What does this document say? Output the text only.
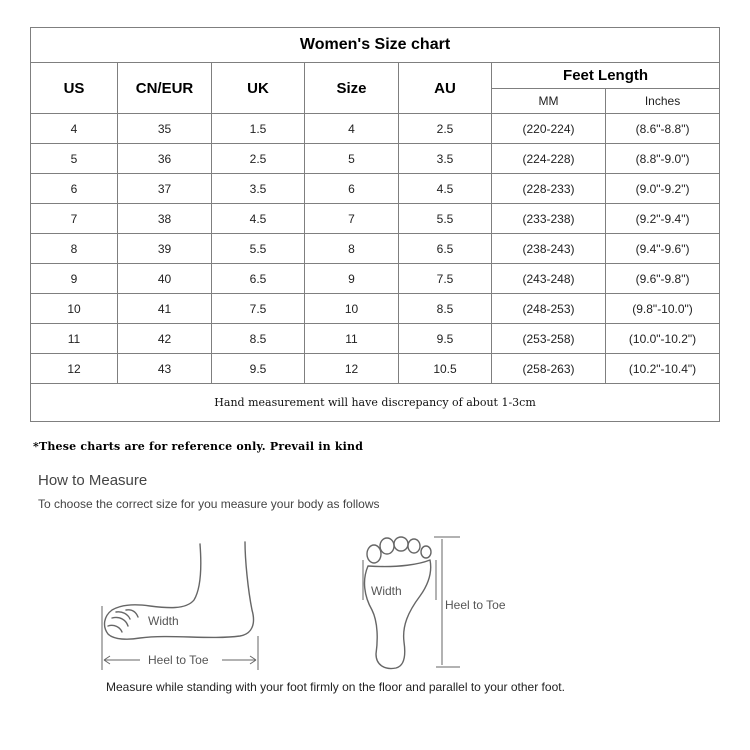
Women's Size chart						
US	CN/EUR	UK	Size	AU	Feet Length	
					MM	Inches
4	35	1.5	4	2.5	(220-224)	(8.6"-8.8")
5	36	2.5	5	3.5	(224-228)	(8.8"-9.0")
6	37	3.5	6	4.5	(228-233)	(9.0"-9.2")
7	38	4.5	7	5.5	(233-238)	(9.2"-9.4")
8	39	5.5	8	6.5	(238-243)	(9.4"-9.6")
9	40	6.5	9	7.5	(243-248)	(9.6"-9.8")
10	41	7.5	10	8.5	(248-253)	(9.8"-10.0")
11	42	8.5	11	9.5	(253-258)	(10.0"-10.2")
12	43	9.5	12	10.5	(258-263)	(10.2"-10.4")
Hand measurement will have discrepancy of about 1-3cm						

*These charts are for reference only. Prevail in kind

How to Measure

To choose the correct size for you measure your body as follows

Width
Heel to Toe
Width
Heel to Toe

Measure while standing with your foot firmly on the floor and parallel to your other foot.
